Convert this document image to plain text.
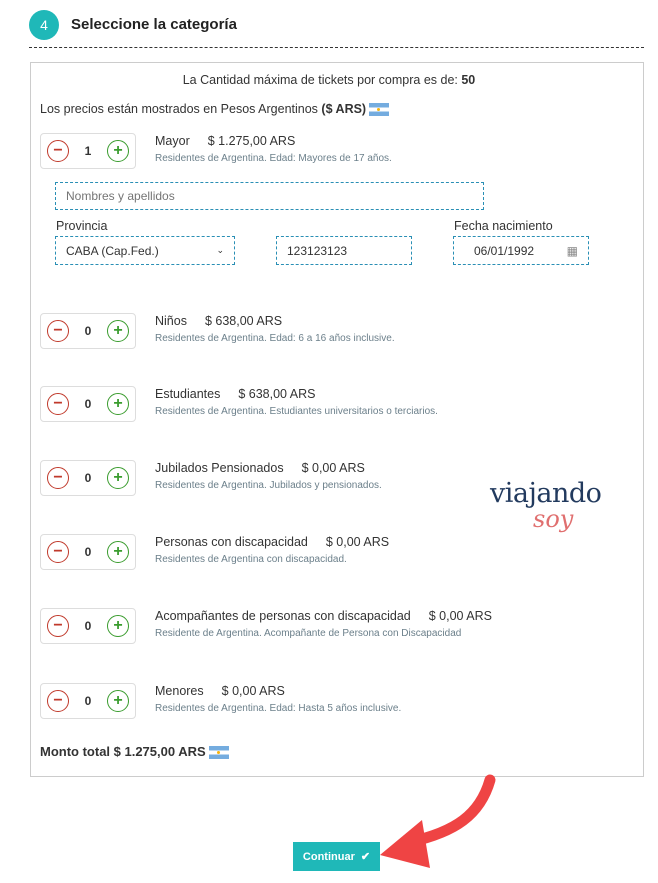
4	Seleccione la categoría
La Cantidad máxima de tickets por compra es de: 50
Los precios están mostrados en Pesos Argentinos ($ ARS)
−	1	+
Mayor $ 1.275,00 ARS
Residentes de Argentina. Edad: Mayores de 17 años.
−	0	+
Niños $ 638,00 ARS
Residentes de Argentina. Edad: 6 a 16 años inclusive.
−	0	+
Estudiantes $ 638,00 ARS
Residentes de Argentina. Estudiantes universitarios o terciarios.
−	0	+
Jubilados Pensionados $ 0,00 ARS
Residentes de Argentina. Jubilados y pensionados.
−	0	+
Personas con discapacidad $ 0,00 ARS
Residentes de Argentina con discapacidad.
−	0	+
Acompañantes de personas con discapacidad $ 0,00 ARS
Residente de Argentina. Acompañante de Persona con Discapacidad
−	0	+
Menores $ 0,00 ARS
Residentes de Argentina. Edad: Hasta 5 años inclusive.
Nombres y apellidos
Provincia
CABA (Cap.Fed.)	⌄	123123123
Fecha nacimiento
06/01/1992	▦
viajando
soy
Monto total $ 1.275,00 ARS
Continuar ✔
